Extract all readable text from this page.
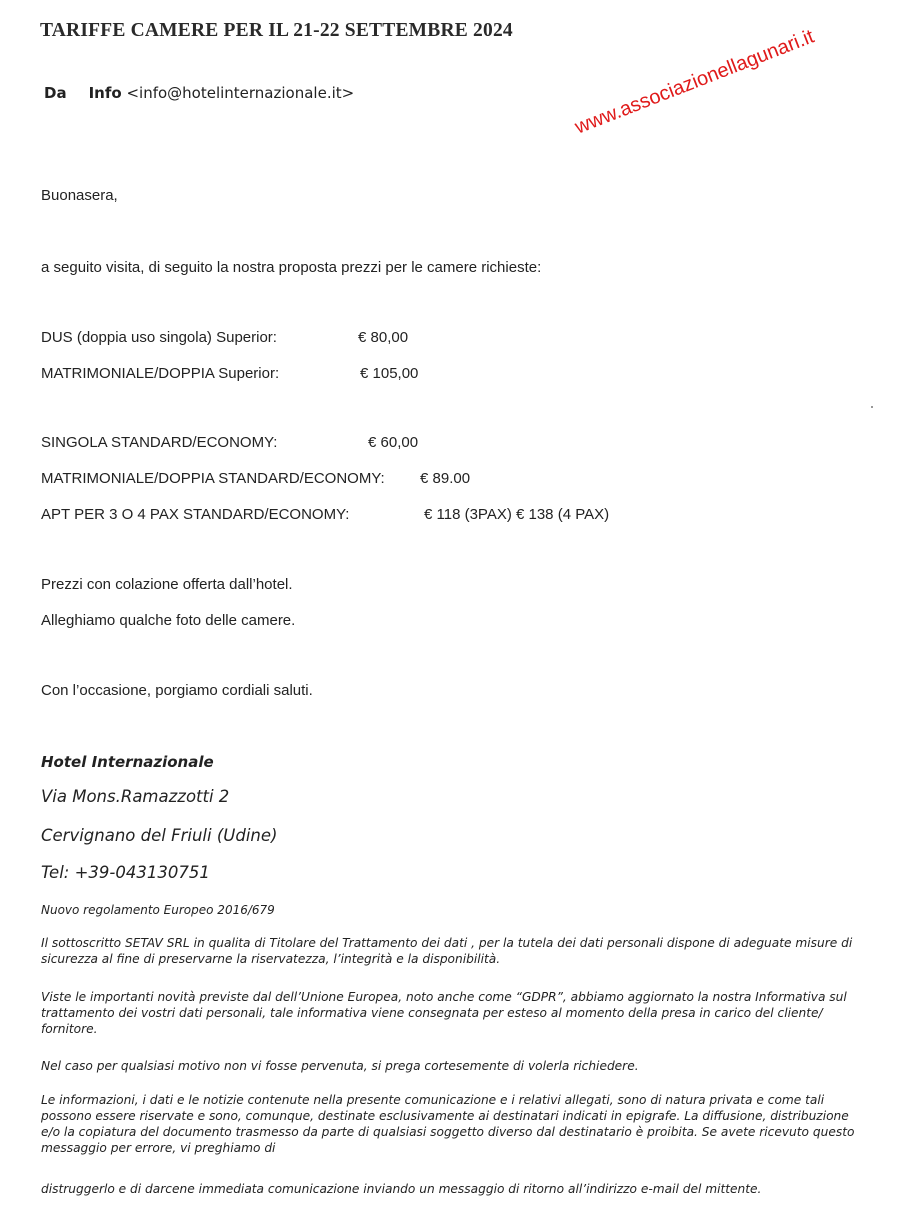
TARIFFE CAMERE PER IL 21-22 SETTEMBRE 2024
Da Info <info@hotelinternazionale.it>	www.associazionellagunari.it
Buonasera,
a seguito visita, di seguito la nostra proposta prezzi per le camere richieste:
DUS (doppia uso singola) Superior:	€ 80,00
MATRIMONIALE/DOPPIA Superior:	€ 105,00
SINGOLA STANDARD/ECONOMY:	€ 60,00
MATRIMONIALE/DOPPIA STANDARD/ECONOMY: € 89.00
APT PER 3 O 4 PAX STANDARD/ECONOMY:	€ 118 (3PAX) € 138 (4 PAX)
Prezzi con colazione offerta dall’hotel.
Alleghiamo qualche foto delle camere.
Con l’occasione, porgiamo cordiali saluti.
Hotel Internazionale
Via Mons.Ramazzotti 2
Cervignano del Friuli (Udine)
Tel: +39-043130751
Nuovo regolamento Europeo 2016/679
Il sottoscritto SETAV SRL in qualita di Titolare del Trattamento dei dati , per la tutela dei dati personali dispone di adeguate misure di sicurezza al fine di preservarne la riservatezza, l’integrità e la disponibilità.
Viste le importanti novità previste dal dell’Unione Europea, noto anche come “GDPR”, abbiamo aggiornato la nostra Informativa sul trattamento dei vostri dati personali, tale informativa viene consegnata per esteso al momento della presa in carico del cliente/ fornitore.
Nel caso per qualsiasi motivo non vi fosse pervenuta, si prega cortesemente di volerla richiedere.
Le informazioni, i dati e le notizie contenute nella presente comunicazione e i relativi allegati, sono di natura privata e come tali possono essere riservate e sono, comunque, destinate esclusivamente ai destinatari indicati in epigrafe. La diffusione, distribuzione e/o la copiatura del documento trasmesso da parte di qualsiasi soggetto diverso dal destinatario è proibita. Se avete ricevuto questo messaggio per errore, vi preghiamo di
distruggerlo e di darcene immediata comunicazione inviando un messaggio di ritorno all’indirizzo e-mail del mittente.
